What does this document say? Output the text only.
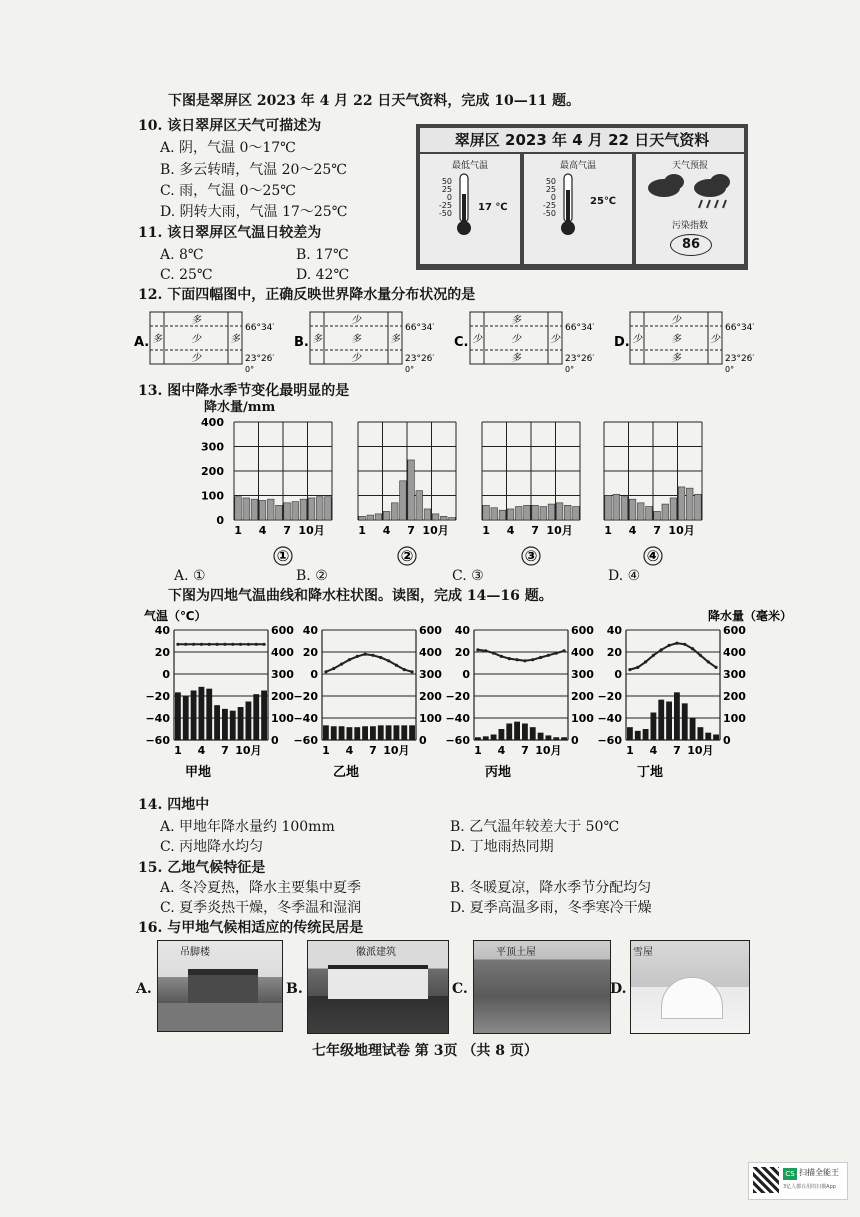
下图是翠屏区 2023 年 4 月 22 日天气资料，完成 10—11 题。
10. 该日翠屏区天气可描述为
A. 阴，气温 0～17℃
B. 多云转晴，气温 20～25℃
C. 雨，气温 0～25℃
D. 阴转大雨，气温 17～25℃
11. 该日翠屏区气温日较差为
A. 8℃	B. 17℃
C. 25℃	D. 42℃
翠屏区 2023 年 4 月 22 日天气资料
最低气温
50
25
0
-25
-50
17 ℃
最高气温
50
25
0
-25
-50
25℃
天气预报
污染指数
86
12. 下面四幅图中，正确反映世界降水量分布状况的是
A.
多
多	少	多
少
66°34′
23°26′
0°
B.
少
多	多	多
少
66°34′
23°26′
0°
C.
多
少	少	少
多
66°34′
23°26′
0°
D.
少
少	多	少
多
66°34′
23°26′
0°
13. 图中降水季节变化最明显的是
降水量/mm
0
100
200
300
400
1 4 7 10月
①
1 4 7 10月
②
1 4 7 10月
③
1 4 7 10月
④
A. ①	B. ②	C. ③	D. ④
下图为四地气温曲线和降水柱状图。读图，完成 14—16 题。
气温（℃）
40	600
20	400
0	300
−20	200
−40	100
−60	0
1 4 7 10月
甲地
40	600
20	400
0	300
−20	200
−40	100
−60	0
1 4 7 10月
乙地
40	600
20	400
0	300
−20	200
−40	100
−60	0
1 4 7 10月
丙地
降水量（毫米）
40	600
20	400
0	300
−20	200
−40	100
−60	0
1 4 7 10月
丁地
14. 四地中
A. 甲地年降水量约 100mm	B. 乙气温年较差大于 50℃
C. 丙地降水均匀	D. 丁地雨热同期
15. 乙地气候特征是
A. 冬冷夏热，降水主要集中夏季	B. 冬暖夏凉，降水季节分配均匀
C. 夏季炎热干燥，冬季温和湿润	D. 夏季高温多雨，冬季寒冷干燥
16. 与甲地气候相适应的传统民居是
A.
吊脚楼
B.
徽派建筑
C.
平顶土屋
D.
雪屋
七年级地理试卷 第 3页 （共 8 页）
CS 扫描全能王
3亿人都在用的扫描App
